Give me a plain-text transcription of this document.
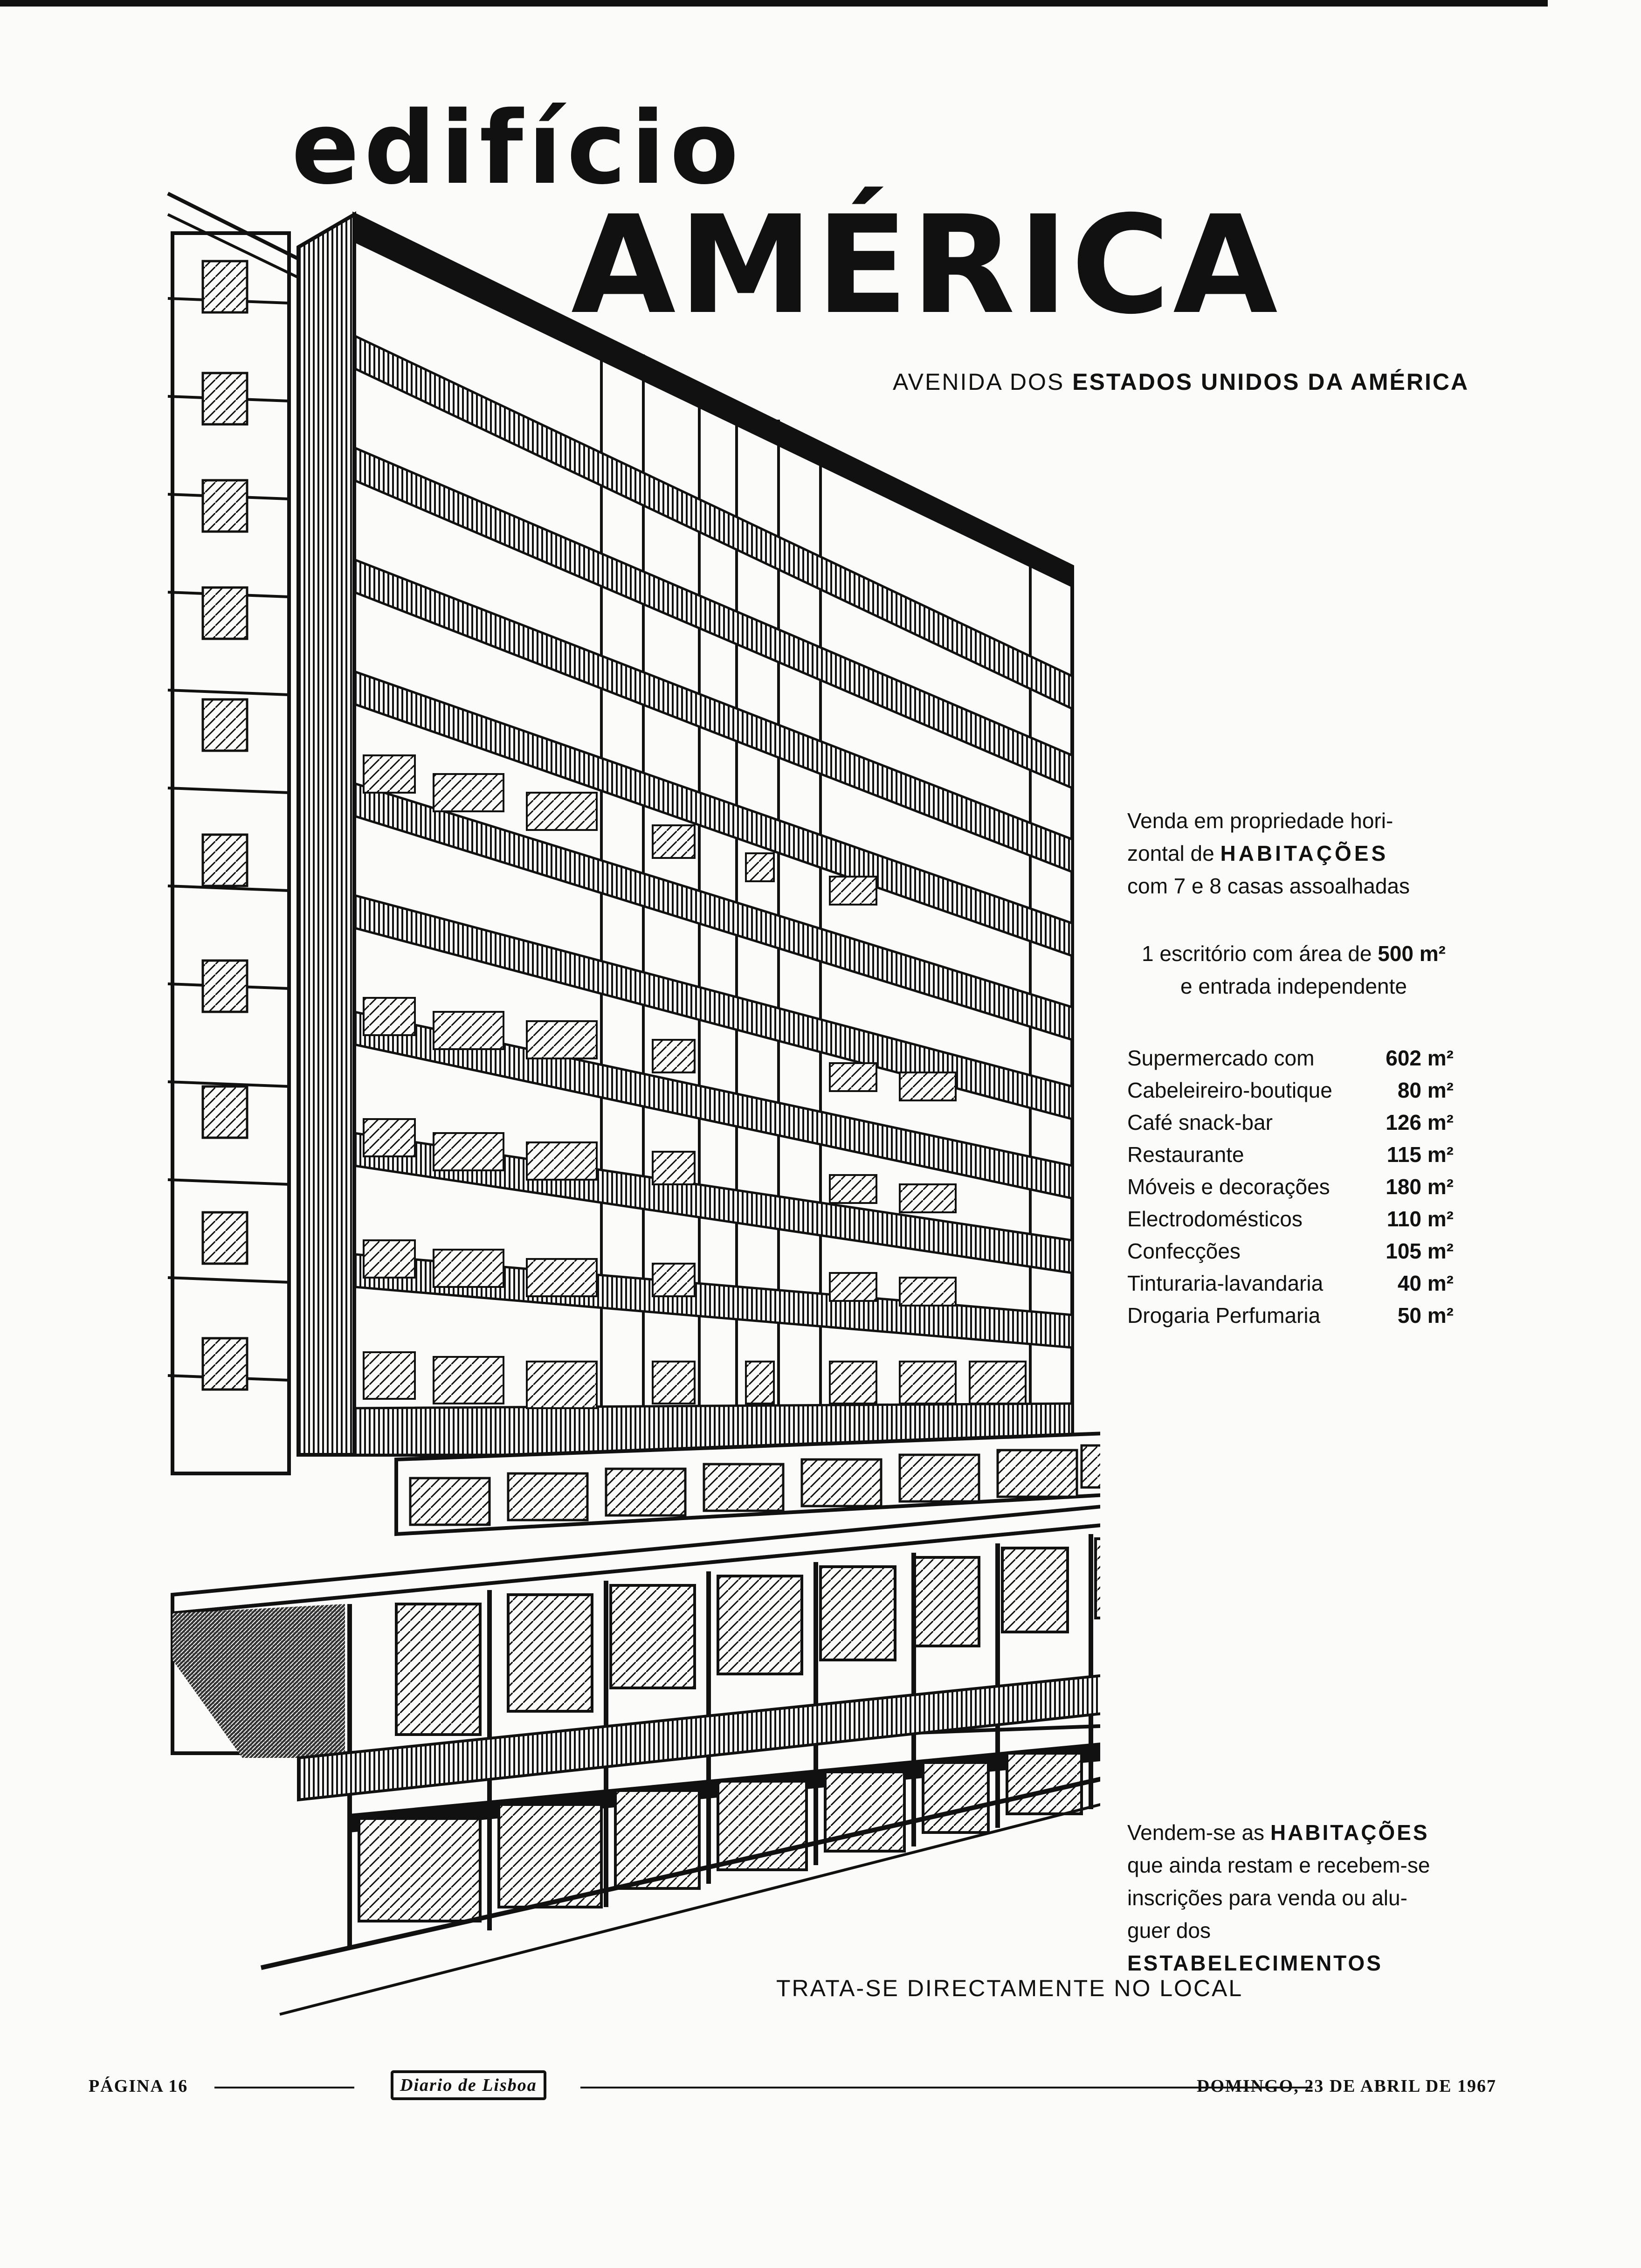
edifício
AMÉRICA
AVENIDA DOS ESTADOS UNIDOS DA AMÉRICA
Venda em propriedade hori-
zontal de HABITAÇÕES
com 7 e 8 casas assoalhadas
1 escritório com área de 500 m²
e entrada independente
Supermercado com	602 m²
Cabeleireiro-boutique	80 m²
Café snack-bar	126 m²
Restaurante	115 m²
Móveis e decorações	180 m²
Electrodomésticos	110 m²
Confecções	105 m²
Tinturaria-lavandaria	40 m²
Drogaria Perfumaria	50 m²
Vendem-se as HABITAÇÕES
que ainda restam e recebem-se
inscrições para venda ou alu-
guer dos ESTABELECIMENTOS
TRATA-SE DIRECTAMENTE NO LOCAL
PÁGINA 16	Diario de Lisboa	DOMINGO, 23 DE ABRIL DE 1967
